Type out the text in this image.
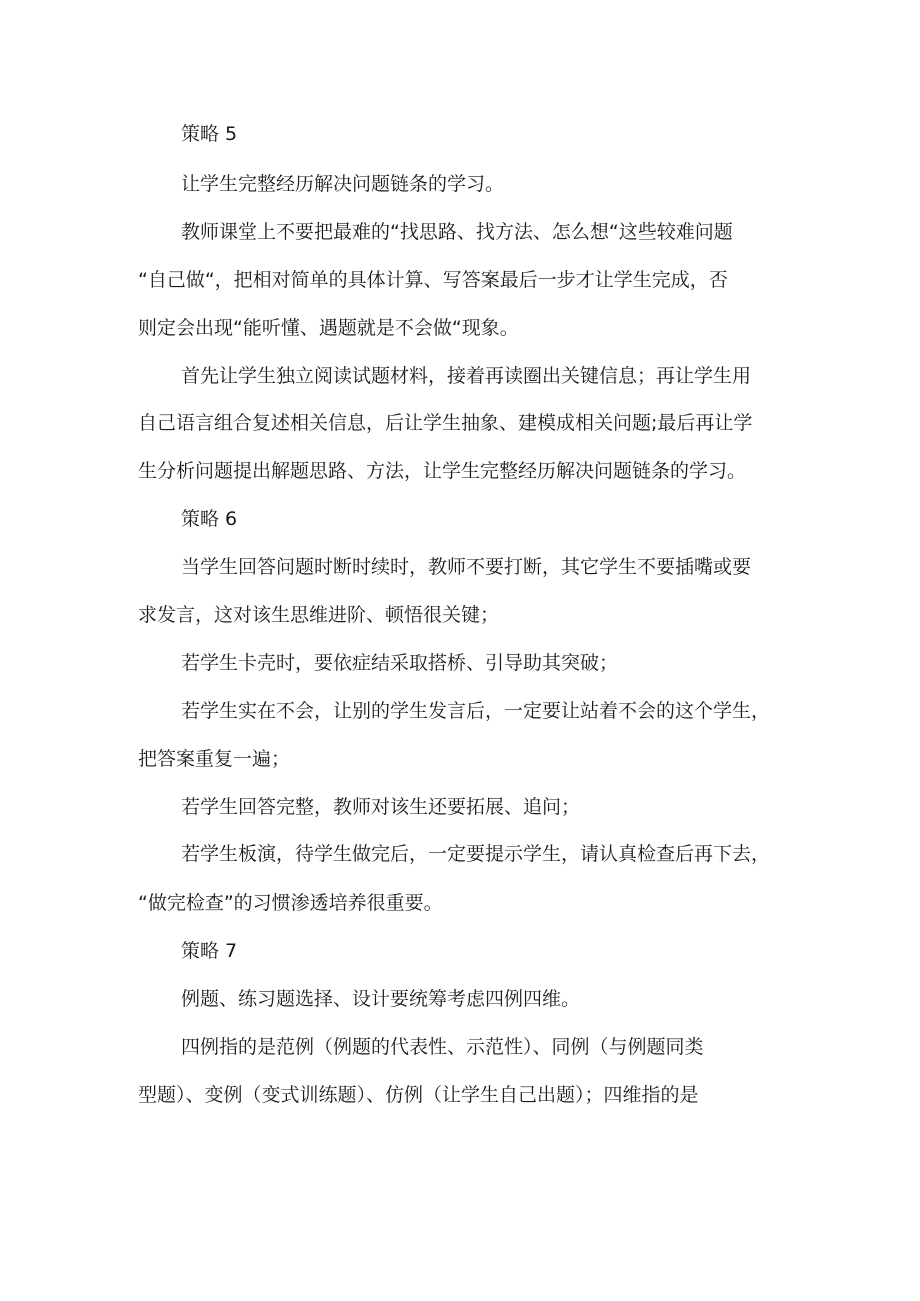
策略 5
让学生完整经历解决问题链条的学习。
教师课堂上不要把最难的“找思路、找方法、怎么想“这些较难问题
“自己做“，把相对简单的具体计算、写答案最后一步才让学生完成，否
则定会出现“能听懂、遇题就是不会做“现象。
首先让学生独立阅读试题材料，接着再读圈出关键信息；再让学生用
自己语言组合复述相关信息，后让学生抽象、建模成相关问题;最后再让学
生分析问题提出解题思路、方法，让学生完整经历解决问题链条的学习。
策略 6
当学生回答问题时断时续时，教师不要打断，其它学生不要插嘴或要
求发言，这对该生思维进阶、顿悟很关键；
若学生卡壳时，要依症结采取搭桥、引导助其突破；
若学生实在不会，让别的学生发言后，一定要让站着不会的这个学生，
把答案重复一遍；
若学生回答完整，教师对该生还要拓展、追问；
若学生板演，待学生做完后，一定要提示学生，请认真检查后再下去，
“做完检查”的习惯渗透培养很重要。
策略 7
例题、练习题选择、设计要统筹考虑四例四维。
四例指的是范例（例题的代表性、示范性）、同例（与例题同类
型题）、变例（变式训练题）、仿例（让学生自己出题）；四维指的是
